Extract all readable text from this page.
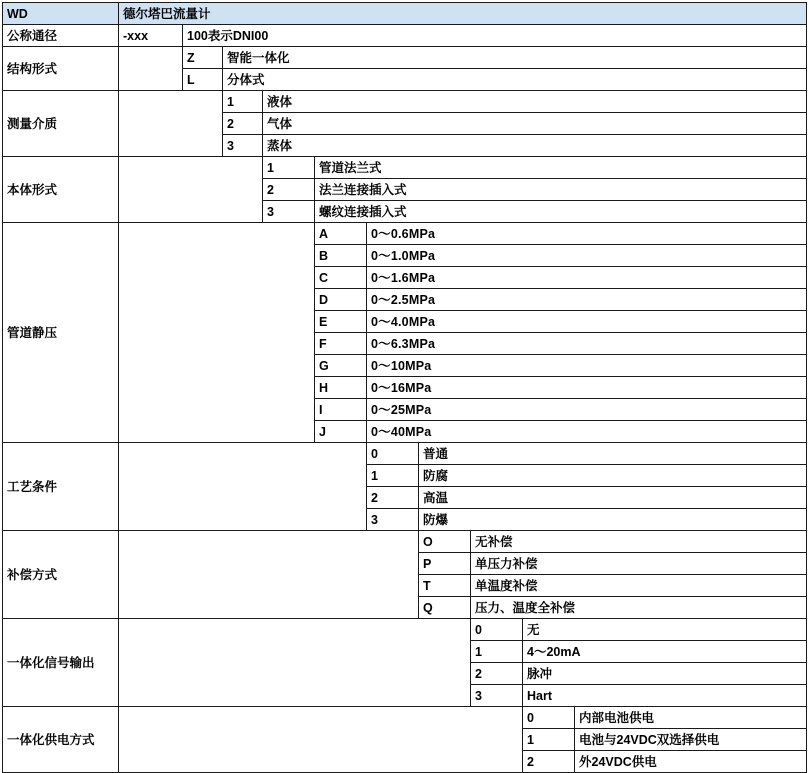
WD	德尔塔巴流量计									
公称通径	-xxx	100表示DNI00								
结构形式		Z	智能一体化							
		L	分体式							
测量介质			1	液体						
			2	气体						
			3	蒸体						
本体形式				1	管道法兰式					
				2	法兰连接插入式					
				3	螺纹连接插入式					
管道静压					A	0～0.6MPa				
					B	0～1.0MPa				
					C	0～1.6MPa				
					D	0～2.5MPa				
					E	0～4.0MPa				
					F	0～6.3MPa				
					G	0～10MPa				
					H	0～16MPa				
					I	0～25MPa				
					J	0～40MPa				
工艺条件						0	普通			
						1	防腐			
						2	高温			
						3	防爆			
补偿方式							O	无补偿		
							P	单压力补偿		
							T	单温度补偿		
							Q	压力、温度全补偿		
一体化信号输出								0	无	
								1	4～20mA	
								2	脉冲	
								3	Hart	
一体化供电方式									0	内部电池供电
									1	电池与24VDC双选择供电
									2	外24VDC供电
